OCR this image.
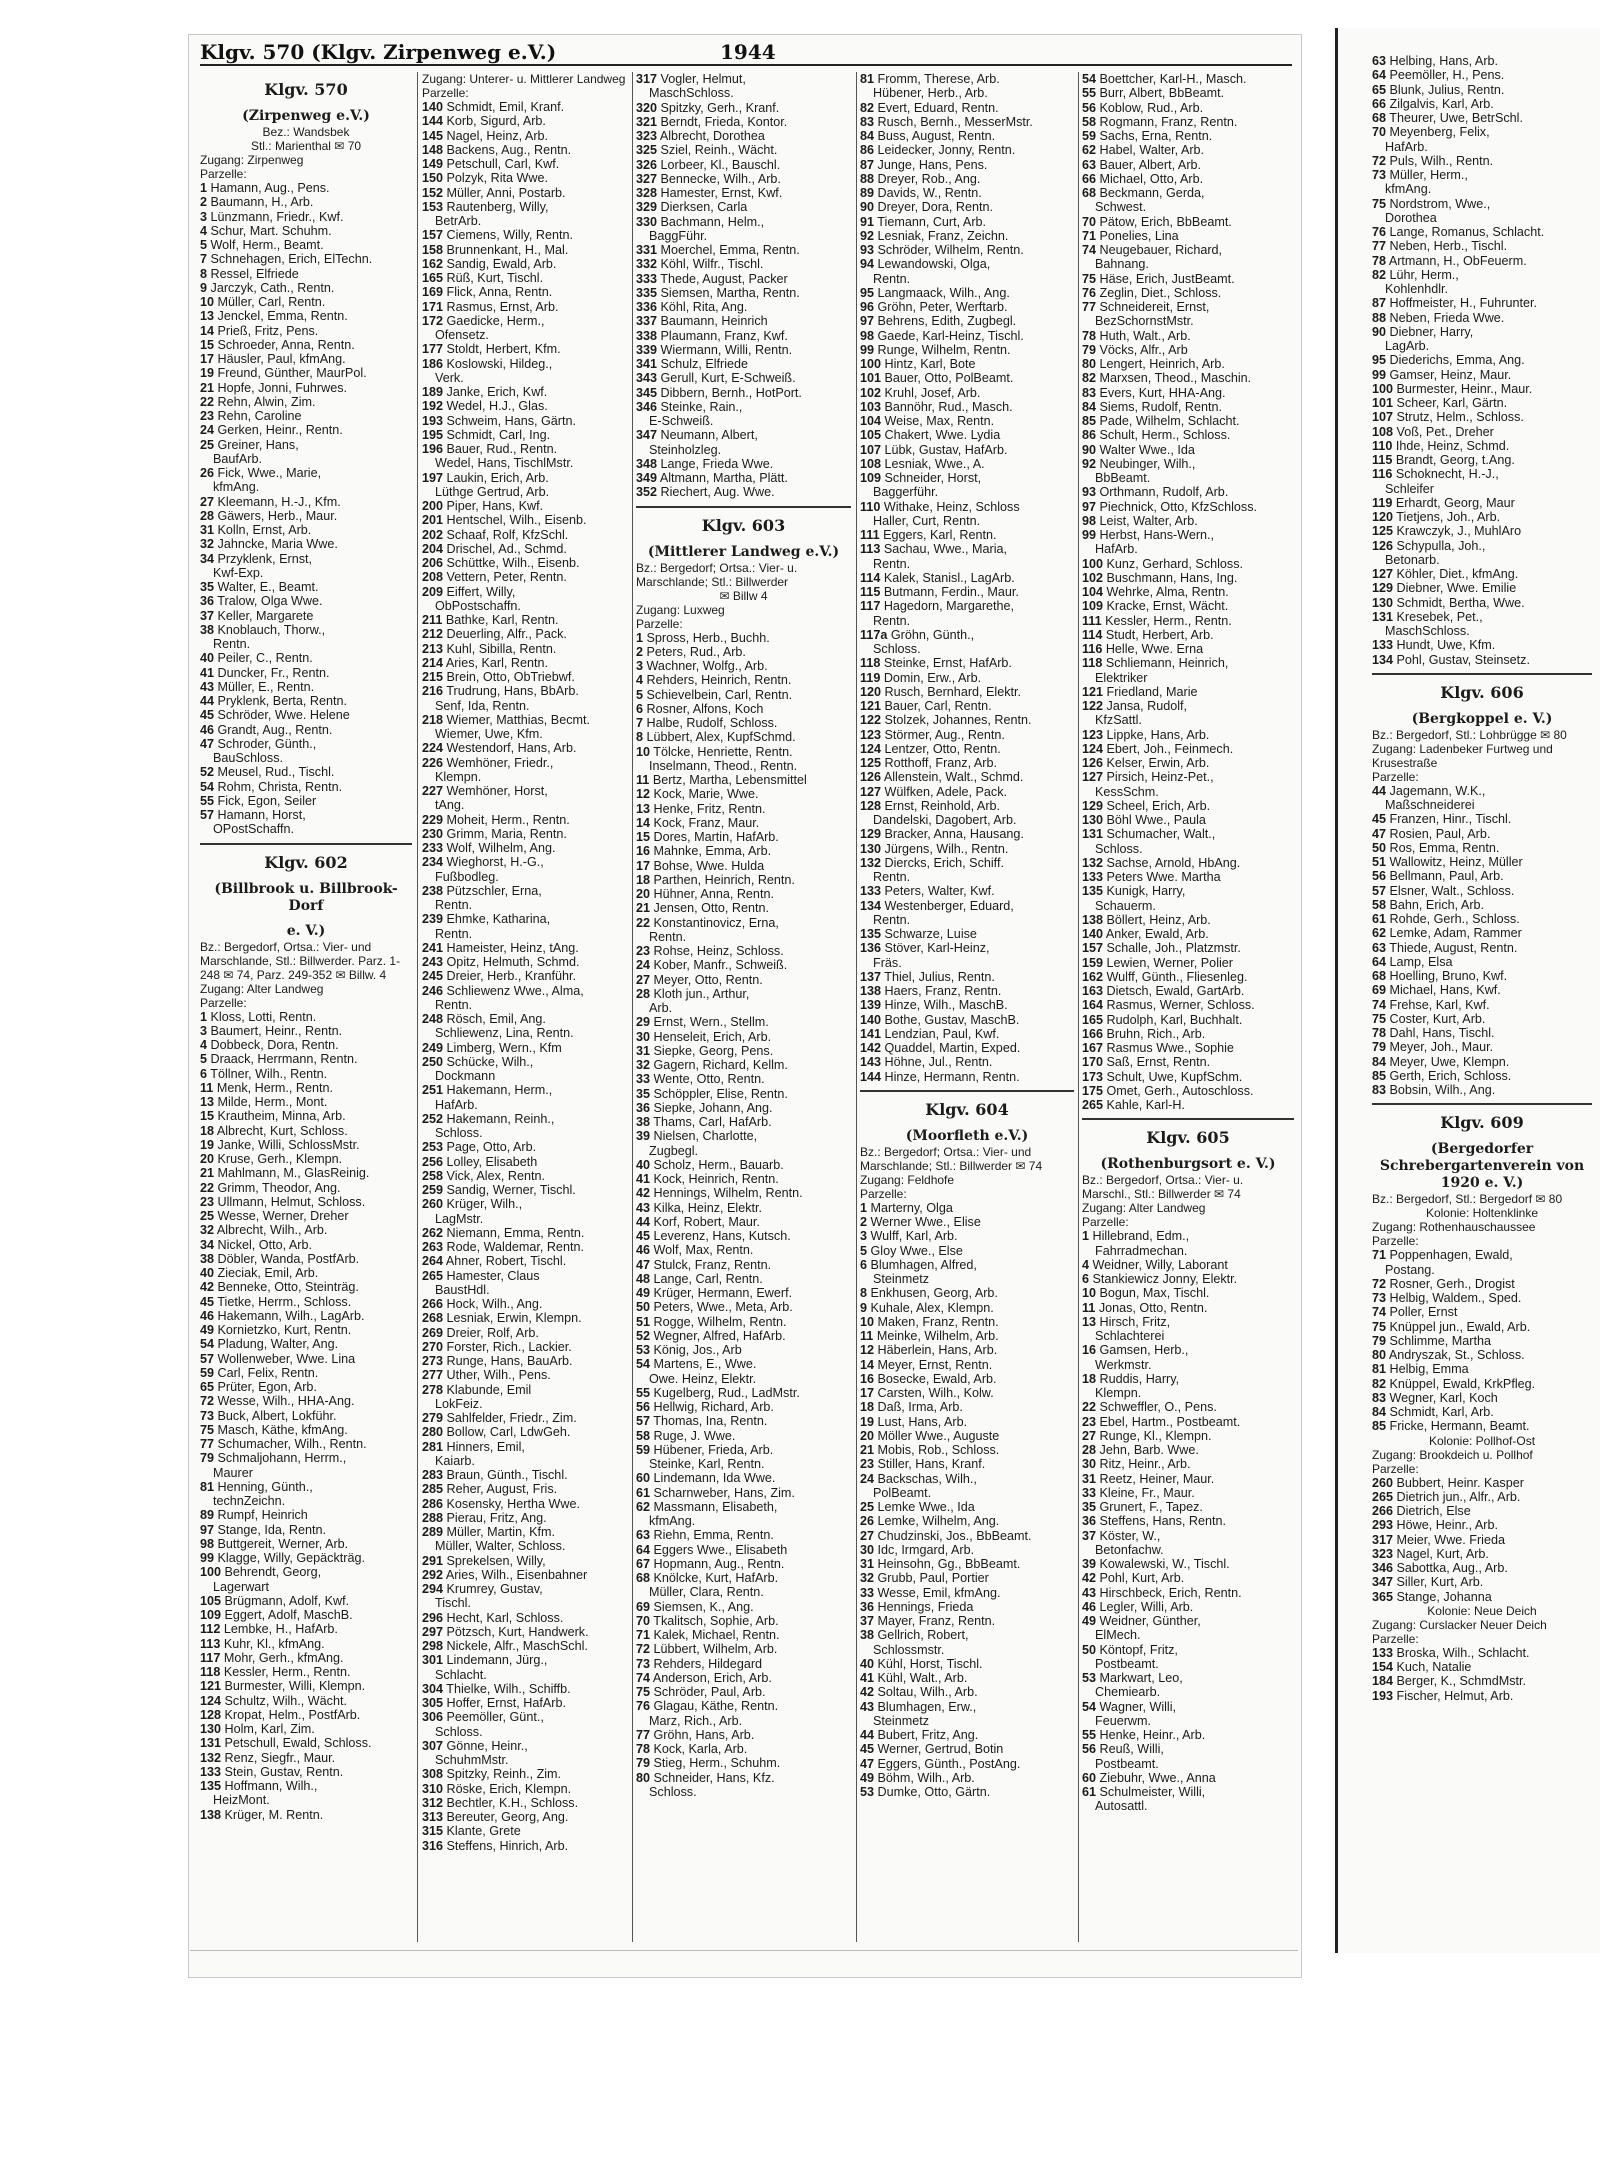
Klgv. 570 (Klgv. Zirpenweg e.V.)	1944
Klgv. 570
(Zirpenweg e.V.)
Bez.: Wandsbek
Stl.: Marienthal ✉ 70
Zugang: Zirpenweg
Parzelle:
1 Hamann, Aug., Pens.
2 Baumann, H., Arb.
3 Lünzmann, Friedr., Kwf.
4 Schur, Mart. Schuhm.
5 Wolf, Herm., Beamt.
7 Schnehagen, Erich, ElTechn.
8 Ressel, Elfriede
9 Jarczyk, Cath., Rentn.
10 Müller, Carl, Rentn.
13 Jenckel, Emma, Rentn.
14 Prieß, Fritz, Pens.
15 Schroeder, Anna, Rentn.
17 Häusler, Paul, kfmAng.
19 Freund, Günther, MaurPol.
21 Hopfe, Jonni, Fuhrwes.
22 Rehn, Alwin, Zim.
23 Rehn, Caroline
24 Gerken, Heinr., Rentn.
25 Greiner, Hans,
BaufArb.
26 Fick, Wwe., Marie,
kfmAng.
27 Kleemann, H.-J., Kfm.
28 Gäwers, Herb., Maur.
31 Kolln, Ernst, Arb.
32 Jahncke, Maria Wwe.
34 Przyklenk, Ernst,
Kwf-Exp.
35 Walter, E., Beamt.
36 Tralow, Olga Wwe.
37 Keller, Margarete
38 Knoblauch, Thorw.,
Rentn.
40 Peiler, C., Rentn.
41 Duncker, Fr., Rentn.
43 Müller, E., Rentn.
44 Pryklenk, Berta, Rentn.
45 Schröder, Wwe. Helene
46 Grandt, Aug., Rentn.
47 Schroder, Günth.,
BauSchloss.
52 Meusel, Rud., Tischl.
54 Rohm, Christa, Rentn.
55 Fick, Egon, Seiler
57 Hamann, Horst,
OPostSchaffn.
Klgv. 602
(Billbrook u. Billbrook-Dorf
e. V.)
Bz.: Bergedorf, Ortsa.: Vier- und Marschlande, Stl.: Billwerder. Parz. 1-248 ✉ 74, Parz. 249-352 ✉ Billw. 4
Zugang: Alter Landweg
Parzelle:
1 Kloss, Lotti, Rentn.
3 Baumert, Heinr., Rentn.
4 Dobbeck, Dora, Rentn.
5 Draack, Herrmann, Rentn.
6 Töllner, Wilh., Rentn.
11 Menk, Herm., Rentn.
13 Milde, Herm., Mont.
15 Krautheim, Minna, Arb.
18 Albrecht, Kurt, Schloss.
19 Janke, Willi, SchlossMstr.
20 Kruse, Gerh., Klempn.
21 Mahlmann, M., GlasReinig.
22 Grimm, Theodor, Ang.
23 Ullmann, Helmut, Schloss.
25 Wesse, Werner, Dreher
32 Albrecht, Wilh., Arb.
34 Nickel, Otto, Arb.
38 Döbler, Wanda, PostfArb.
40 Zieciak, Emil, Arb.
42 Benneke, Otto, Steinträg.
45 Tietke, Herrm., Schloss.
46 Hakemann, Wilh., LagArb.
49 Kornietzko, Kurt, Rentn.
54 Pladung, Walter, Ang.
57 Wollenweber, Wwe. Lina
59 Carl, Felix, Rentn.
65 Prüter, Egon, Arb.
72 Wesse, Wilh., HHA-Ang.
73 Buck, Albert, Lokführ.
75 Masch, Käthe, kfmAng.
77 Schumacher, Wilh., Rentn.
79 Schmaljohann, Herrm.,
Maurer
81 Henning, Günth.,
technZeichn.
89 Rumpf, Heinrich
97 Stange, Ida, Rentn.
98 Buttgereit, Werner, Arb.
99 Klagge, Willy, Gepäckträg.
100 Behrendt, Georg,
Lagerwart
105 Brügmann, Adolf, Kwf.
109 Eggert, Adolf, MaschB.
112 Lembke, H., HafArb.
113 Kuhr, Kl., kfmAng.
117 Mohr, Gerh., kfmAng.
118 Kessler, Herm., Rentn.
121 Burmester, Willi, Klempn.
124 Schultz, Wilh., Wächt.
128 Kropat, Helm., PostfArb.
130 Holm, Karl, Zim.
131 Petschull, Ewald, Schloss.
132 Renz, Siegfr., Maur.
133 Stein, Gustav, Rentn.
135 Hoffmann, Wilh.,
HeizMont.
138 Krüger, M. Rentn.
Zugang: Unterer- u. Mittlerer Landweg
Parzelle:
140 Schmidt, Emil, Kranf.
144 Korb, Sigurd, Arb.
145 Nagel, Heinz, Arb.
148 Backens, Aug., Rentn.
149 Petschull, Carl, Kwf.
150 Polzyk, Rita Wwe.
152 Müller, Anni, Postarb.
153 Rautenberg, Willy,
BetrArb.
157 Ciemens, Willy, Rentn.
158 Brunnenkant, H., Mal.
162 Sandig, Ewald, Arb.
165 Rüß, Kurt, Tischl.
169 Flick, Anna, Rentn.
171 Rasmus, Ernst, Arb.
172 Gaedicke, Herm.,
Ofensetz.
177 Stoldt, Herbert, Kfm.
186 Koslowski, Hildeg.,
Verk.
189 Janke, Erich, Kwf.
192 Wedel, H.J., Glas.
193 Schweim, Hans, Gärtn.
195 Schmidt, Carl, Ing.
196 Bauer, Rud., Rentn.
Wedel, Hans, TischlMstr.
197 Laukin, Erich, Arb.
Lüthge Gertrud, Arb.
200 Piper, Hans, Kwf.
201 Hentschel, Wilh., Eisenb.
202 Schaaf, Rolf, KfzSchl.
204 Drischel, Ad., Schmd.
206 Schüttke, Wilh., Eisenb.
208 Vettern, Peter, Rentn.
209 Eiffert, Willy,
ObPostschaffn.
211 Bathke, Karl, Rentn.
212 Deuerling, Alfr., Pack.
213 Kuhl, Sibilla, Rentn.
214 Aries, Karl, Rentn.
215 Brein, Otto, ObTriebwf.
216 Trudrung, Hans, BbArb.
Senf, Ida, Rentn.
218 Wiemer, Matthias, Becmt.
Wiemer, Uwe, Kfm.
224 Westendorf, Hans, Arb.
226 Wemhöner, Friedr.,
Klempn.
227 Wemhöner, Horst,
tAng.
229 Moheit, Herm., Rentn.
230 Grimm, Maria, Rentn.
233 Wolf, Wilhelm, Ang.
234 Wieghorst, H.-G.,
Fußbodleg.
238 Pützschler, Erna,
Rentn.
239 Ehmke, Katharina,
Rentn.
241 Hameister, Heinz, tAng.
243 Opitz, Helmuth, Schmd.
245 Dreier, Herb., Kranführ.
246 Schliewenz Wwe., Alma,
Rentn.
248 Rösch, Emil, Ang.
Schliewenz, Lina, Rentn.
249 Limberg, Wern., Kfm
250 Schücke, Wilh.,
Dockmann
251 Hakemann, Herm.,
HafArb.
252 Hakemann, Reinh.,
Schloss.
253 Page, Otto, Arb.
256 Lolley, Elisabeth
258 Vick, Alex, Rentn.
259 Sandig, Werner, Tischl.
260 Krüger, Wilh.,
LagMstr.
262 Niemann, Emma, Rentn.
263 Rode, Waldemar, Rentn.
264 Ahner, Robert, Tischl.
265 Hamester, Claus
BaustHdl.
266 Hock, Wilh., Ang.
268 Lesniak, Erwin, Klempn.
269 Dreier, Rolf, Arb.
270 Forster, Rich., Lackier.
273 Runge, Hans, BauArb.
277 Uther, Wilh., Pens.
278 Klabunde, Emil
LokFeiz.
279 Sahlfelder, Friedr., Zim.
280 Bollow, Carl, LdwGeh.
281 Hinners, Emil,
Kaiarb.
283 Braun, Günth., Tischl.
285 Reher, August, Fris.
286 Kosensky, Hertha Wwe.
288 Pierau, Fritz, Ang.
289 Müller, Martin, Kfm.
Müller, Walter, Schloss.
291 Sprekelsen, Willy,
292 Aries, Wilh., Eisenbahner
294 Krumrey, Gustav,
Tischl.
296 Hecht, Karl, Schloss.
297 Pötzsch, Kurt, Handwerk.
298 Nickele, Alfr., MaschSchl.
301 Lindemann, Jürg.,
Schlacht.
304 Thielke, Wilh., Schiffb.
305 Hoffer, Ernst, HafArb.
306 Peemöller, Günt.,
Schloss.
307 Gönne, Heinr.,
SchuhmMstr.
308 Spitzky, Reinh., Zim.
310 Röske, Erich, Klempn.
312 Bechtler, K.H., Schloss.
313 Bereuter, Georg, Ang.
315 Klante, Grete
316 Steffens, Hinrich, Arb.
317 Vogler, Helmut,
MaschSchloss.
320 Spitzky, Gerh., Kranf.
321 Berndt, Frieda, Kontor.
323 Albrecht, Dorothea
325 Sziel, Reinh., Wächt.
326 Lorbeer, Kl., Bauschl.
327 Bennecke, Wilh., Arb.
328 Hamester, Ernst, Kwf.
329 Dierksen, Carla
330 Bachmann, Helm.,
BaggFühr.
331 Moerchel, Emma, Rentn.
332 Köhl, Wilfr., Tischl.
333 Thede, August, Packer
335 Siemsen, Martha, Rentn.
336 Köhl, Rita, Ang.
337 Baumann, Heinrich
338 Plaumann, Franz, Kwf.
339 Wiermann, Willi, Rentn.
341 Schulz, Elfriede
343 Gerull, Kurt, E-Schweiß.
345 Dibbern, Bernh., HotPort.
346 Steinke, Rain.,
E-Schweiß.
347 Neumann, Albert,
Steinholzleg.
348 Lange, Frieda Wwe.
349 Altmann, Martha, Plätt.
352 Riechert, Aug. Wwe.
Klgv. 603
(Mittlerer Landweg e.V.)
Bz.: Bergedorf; Ortsa.: Vier- u. Marschlande; Stl.: Billwerder
✉ Billw 4
Zugang: Luxweg
Parzelle:
1 Spross, Herb., Buchh.
2 Peters, Rud., Arb.
3 Wachner, Wolfg., Arb.
4 Rehders, Heinrich, Rentn.
5 Schievelbein, Carl, Rentn.
6 Rosner, Alfons, Koch
7 Halbe, Rudolf, Schloss.
8 Lübbert, Alex, KupfSchmd.
10 Tölcke, Henriette, Rentn.
Inselmann, Theod., Rentn.
11 Bertz, Martha, Lebensmittel
12 Kock, Marie, Wwe.
13 Henke, Fritz, Rentn.
14 Kock, Franz, Maur.
15 Dores, Martin, HafArb.
16 Mahnke, Emma, Arb.
17 Bohse, Wwe. Hulda
18 Parthen, Heinrich, Rentn.
20 Hühner, Anna, Rentn.
21 Jensen, Otto, Rentn.
22 Konstantinovicz, Erna,
Rentn.
23 Rohse, Heinz, Schloss.
24 Kober, Manfr., Schweiß.
27 Meyer, Otto, Rentn.
28 Kloth jun., Arthur,
Arb.
29 Ernst, Wern., Stellm.
30 Henseleit, Erich, Arb.
31 Siepke, Georg, Pens.
32 Gagern, Richard, Kellm.
33 Wente, Otto, Rentn.
35 Schöppler, Elise, Rentn.
36 Siepke, Johann, Ang.
38 Thams, Carl, HafArb.
39 Nielsen, Charlotte,
Zugbegl.
40 Scholz, Herm., Bauarb.
41 Kock, Heinrich, Rentn.
42 Hennings, Wilhelm, Rentn.
43 Kilka, Heinz, Elektr.
44 Korf, Robert, Maur.
45 Leverenz, Hans, Kutsch.
46 Wolf, Max, Rentn.
47 Stulck, Franz, Rentn.
48 Lange, Carl, Rentn.
49 Krüger, Hermann, Ewerf.
50 Peters, Wwe., Meta, Arb.
51 Rogge, Wilhelm, Rentn.
52 Wegner, Alfred, HafArb.
53 König, Jos., Arb
54 Martens, E., Wwe.
Owe. Heinz, Elektr.
55 Kugelberg, Rud., LadMstr.
56 Hellwig, Richard, Arb.
57 Thomas, Ina, Rentn.
58 Ruge, J. Wwe.
59 Hübener, Frieda, Arb.
Steinke, Karl, Rentn.
60 Lindemann, Ida Wwe.
61 Scharnweber, Hans, Zim.
62 Massmann, Elisabeth,
kfmAng.
63 Riehn, Emma, Rentn.
64 Eggers Wwe., Elisabeth
67 Hopmann, Aug., Rentn.
68 Knölcke, Kurt, HafArb.
Müller, Clara, Rentn.
69 Siemsen, K., Ang.
70 Tkalitsch, Sophie, Arb.
71 Kalek, Michael, Rentn.
72 Lübbert, Wilhelm, Arb.
73 Rehders, Hildegard
74 Anderson, Erich, Arb.
75 Schröder, Paul, Arb.
76 Glagau, Käthe, Rentn.
Marz, Rich., Arb.
77 Gröhn, Hans, Arb.
78 Kock, Karla, Arb.
79 Stieg, Herm., Schuhm.
80 Schneider, Hans, Kfz.
Schloss.
81 Fromm, Therese, Arb.
Hübener, Herb., Arb.
82 Evert, Eduard, Rentn.
83 Rusch, Bernh., MesserMstr.
84 Buss, August, Rentn.
86 Leidecker, Jonny, Rentn.
87 Junge, Hans, Pens.
88 Dreyer, Rob., Ang.
89 Davids, W., Rentn.
90 Dreyer, Dora, Rentn.
91 Tiemann, Curt, Arb.
92 Lesniak, Franz, Zeichn.
93 Schröder, Wilhelm, Rentn.
94 Lewandowski, Olga,
Rentn.
95 Langmaack, Wilh., Ang.
96 Gröhn, Peter, Werftarb.
97 Behrens, Edith, Zugbegl.
98 Gaede, Karl-Heinz, Tischl.
99 Runge, Wilhelm, Rentn.
100 Hintz, Karl, Bote
101 Bauer, Otto, PolBeamt.
102 Kruhl, Josef, Arb.
103 Bannöhr, Rud., Masch.
104 Weise, Max, Rentn.
105 Chakert, Wwe. Lydia
107 Lübk, Gustav, HafArb.
108 Lesniak, Wwe., A.
109 Schneider, Horst,
Baggerführ.
110 Withake, Heinz, Schloss
Haller, Curt, Rentn.
111 Eggers, Karl, Rentn.
113 Sachau, Wwe., Maria,
Rentn.
114 Kalek, Stanisl., LagArb.
115 Butmann, Ferdin., Maur.
117 Hagedorn, Margarethe,
Rentn.
117a Gröhn, Günth.,
Schloss.
118 Steinke, Ernst, HafArb.
119 Domin, Erw., Arb.
120 Rusch, Bernhard, Elektr.
121 Bauer, Carl, Rentn.
122 Stolzek, Johannes, Rentn.
123 Störmer, Aug., Rentn.
124 Lentzer, Otto, Rentn.
125 Rotthoff, Franz, Arb.
126 Allenstein, Walt., Schmd.
127 Wülfken, Adele, Pack.
128 Ernst, Reinhold, Arb.
Dandelski, Dagobert, Arb.
129 Bracker, Anna, Hausang.
130 Jürgens, Wilh., Rentn.
132 Diercks, Erich, Schiff.
Rentn.
133 Peters, Walter, Kwf.
134 Westenberger, Eduard,
Rentn.
135 Schwarze, Luise
136 Stöver, Karl-Heinz,
Fräs.
137 Thiel, Julius, Rentn.
138 Haers, Franz, Rentn.
139 Hinze, Wilh., MaschB.
140 Bothe, Gustav, MaschB.
141 Lendzian, Paul, Kwf.
142 Quaddel, Martin, Exped.
143 Höhne, Jul., Rentn.
144 Hinze, Hermann, Rentn.
Klgv. 604
(Moorfleth e.V.)
Bz.: Bergedorf; Ortsa.: Vier- und Marschlande; Stl.: Billwerder ✉ 74
Zugang: Feldhofe
Parzelle:
1 Marterny, Olga
2 Werner Wwe., Elise
3 Wulff, Karl, Arb.
5 Gloy Wwe., Else
6 Blumhagen, Alfred,
Steinmetz
8 Enkhusen, Georg, Arb.
9 Kuhale, Alex, Klempn.
10 Maken, Franz, Rentn.
11 Meinke, Wilhelm, Arb.
12 Häberlein, Hans, Arb.
14 Meyer, Ernst, Rentn.
16 Bosecke, Ewald, Arb.
17 Carsten, Wilh., Kolw.
18 Daß, Irma, Arb.
19 Lust, Hans, Arb.
20 Möller Wwe., Auguste
21 Mobis, Rob., Schloss.
23 Stiller, Hans, Kranf.
24 Backschas, Wilh.,
PolBeamt.
25 Lemke Wwe., Ida
26 Lemke, Wilhelm, Ang.
27 Chudzinski, Jos., BbBeamt.
30 Idc, Irmgard, Arb.
31 Heinsohn, Gg., BbBeamt.
32 Grubb, Paul, Portier
33 Wesse, Emil, kfmAng.
36 Hennings, Frieda
37 Mayer, Franz, Rentn.
38 Gellrich, Robert,
Schlossmstr.
40 Kühl, Horst, Tischl.
41 Kühl, Walt., Arb.
42 Soltau, Wilh., Arb.
43 Blumhagen, Erw.,
Steinmetz
44 Bubert, Fritz, Ang.
45 Werner, Gertrud, Botin
47 Eggers, Günth., PostAng.
49 Böhm, Wilh., Arb.
53 Dumke, Otto, Gärtn.
54 Boettcher, Karl-H., Masch.
55 Burr, Albert, BbBeamt.
56 Koblow, Rud., Arb.
58 Rogmann, Franz, Rentn.
59 Sachs, Erna, Rentn.
62 Habel, Walter, Arb.
63 Bauer, Albert, Arb.
66 Michael, Otto, Arb.
68 Beckmann, Gerda,
Schwest.
70 Pätow, Erich, BbBeamt.
71 Ponelies, Lina
74 Neugebauer, Richard,
Bahnang.
75 Häse, Erich, JustBeamt.
76 Zeglin, Diet., Schloss.
77 Schneidereit, Ernst,
BezSchornstMstr.
78 Huth, Walt., Arb.
79 Vöcks, Alfr., Arb
80 Lengert, Heinrich, Arb.
82 Marxsen, Theod., Maschin.
83 Evers, Kurt, HHA-Ang.
84 Siems, Rudolf, Rentn.
85 Pade, Wilhelm, Schlacht.
86 Schult, Herm., Schloss.
90 Walter Wwe., Ida
92 Neubinger, Wilh.,
BbBeamt.
93 Orthmann, Rudolf, Arb.
97 Piechnick, Otto, KfzSchloss.
98 Leist, Walter, Arb.
99 Herbst, Hans-Wern.,
HafArb.
100 Kunz, Gerhard, Schloss.
102 Buschmann, Hans, Ing.
104 Wehrke, Alma, Rentn.
109 Kracke, Ernst, Wächt.
111 Kessler, Herm., Rentn.
114 Studt, Herbert, Arb.
116 Helle, Wwe. Erna
118 Schliemann, Heinrich,
Elektriker
121 Friedland, Marie
122 Jansa, Rudolf,
KfzSattl.
123 Lippke, Hans, Arb.
124 Ebert, Joh., Feinmech.
126 Kelser, Erwin, Arb.
127 Pirsich, Heinz-Pet.,
KessSchm.
129 Scheel, Erich, Arb.
130 Böhl Wwe., Paula
131 Schumacher, Walt.,
Schloss.
132 Sachse, Arnold, HbAng.
133 Peters Wwe. Martha
135 Kunigk, Harry,
Schauerm.
138 Böllert, Heinz, Arb.
140 Anker, Ewald, Arb.
157 Schalle, Joh., Platzmstr.
159 Lewien, Werner, Polier
162 Wulff, Günth., Fliesenleg.
163 Dietsch, Ewald, GartArb.
164 Rasmus, Werner, Schloss.
165 Rudolph, Karl, Buchhalt.
166 Bruhn, Rich., Arb.
167 Rasmus Wwe., Sophie
170 Saß, Ernst, Rentn.
173 Schult, Uwe, KupfSchm.
175 Omet, Gerh., Autoschloss.
265 Kahle, Karl-H.
Klgv. 605
(Rothenburgsort e. V.)
Bz.: Bergedorf, Ortsa.: Vier- u. Marschl., Stl.: Billwerder ✉ 74
Zugang: Alter Landweg
Parzelle:
1 Hillebrand, Edm.,
Fahrradmechan.
4 Weidner, Willy, Laborant
6 Stankiewicz Jonny, Elektr.
10 Bogun, Max, Tischl.
11 Jonas, Otto, Rentn.
13 Hirsch, Fritz,
Schlachterei
16 Gamsen, Herb.,
Werkmstr.
18 Ruddis, Harry,
Klempn.
22 Schweffler, O., Pens.
23 Ebel, Hartm., Postbeamt.
27 Runge, Kl., Klempn.
28 Jehn, Barb. Wwe.
30 Ritz, Heinr., Arb.
31 Reetz, Heiner, Maur.
33 Kleine, Fr., Maur.
35 Grunert, F., Tapez.
36 Steffens, Hans, Rentn.
37 Köster, W.,
Betonfachw.
39 Kowalewski, W., Tischl.
42 Pohl, Kurt, Arb.
43 Hirschbeck, Erich, Rentn.
46 Legler, Willi, Arb.
49 Weidner, Günther,
ElMech.
50 Köntopf, Fritz,
Postbeamt.
53 Markwart, Leo,
Chemiearb.
54 Wagner, Willi,
Feuerwm.
55 Henke, Heinr., Arb.
56 Reuß, Willi,
Postbeamt.
60 Ziebuhr, Wwe., Anna
61 Schulmeister, Willi,
Autosattl.
63 Helbing, Hans, Arb.
64 Peemöller, H., Pens.
65 Blunk, Julius, Rentn.
66 Zilgalvis, Karl, Arb.
68 Theurer, Uwe, BetrSchl.
70 Meyenberg, Felix,
HafArb.
72 Puls, Wilh., Rentn.
73 Müller, Herm.,
kfmAng.
75 Nordstrom, Wwe.,
Dorothea
76 Lange, Romanus, Schlacht.
77 Neben, Herb., Tischl.
78 Artmann, H., ObFeuerm.
82 Lühr, Herm.,
Kohlenhdlr.
87 Hoffmeister, H., Fuhrunter.
88 Neben, Frieda Wwe.
90 Diebner, Harry,
LagArb.
95 Diederichs, Emma, Ang.
99 Gamser, Heinz, Maur.
100 Burmester, Heinr., Maur.
101 Scheer, Karl, Gärtn.
107 Strutz, Helm., Schloss.
108 Voß, Pet., Dreher
110 Ihde, Heinz, Schmd.
115 Brandt, Georg, t.Ang.
116 Schoknecht, H.-J.,
Schleifer
119 Erhardt, Georg, Maur
120 Tietjens, Joh., Arb.
125 Krawczyk, J., MuhlAro
126 Schypulla, Joh.,
Betonarb.
127 Köhler, Diet., kfmAng.
129 Diebner, Wwe. Emilie
130 Schmidt, Bertha, Wwe.
131 Kresebek, Pet.,
MaschSchloss.
133 Hundt, Uwe, Kfm.
134 Pohl, Gustav, Steinsetz.
Klgv. 606
(Bergkoppel e. V.)
Bz.: Bergedorf, Stl.: Lohbrügge ✉ 80
Zugang: Ladenbeker Furtweg und Krusestraße
Parzelle:
44 Jagemann, W.K.,
Maßschneiderei
45 Franzen, Hinr., Tischl.
47 Rosien, Paul, Arb.
50 Ros, Emma, Rentn.
51 Wallowitz, Heinz, Müller
56 Bellmann, Paul, Arb.
57 Elsner, Walt., Schloss.
58 Bahn, Erich, Arb.
61 Rohde, Gerh., Schloss.
62 Lemke, Adam, Rammer
63 Thiede, August, Rentn.
64 Lamp, Elsa
68 Hoelling, Bruno, Kwf.
69 Michael, Hans, Kwf.
74 Frehse, Karl, Kwf.
75 Coster, Kurt, Arb.
78 Dahl, Hans, Tischl.
79 Meyer, Joh., Maur.
84 Meyer, Uwe, Klempn.
85 Gerth, Erich, Schloss.
83 Bobsin, Wilh., Ang.
Klgv. 609
(Bergedorfer Schrebergartenverein von 1920 e. V.)
Bz.: Bergedorf, Stl.: Bergedorf ✉ 80
Kolonie: Holtenklinke
Zugang: Rothenhauschaussee
Parzelle:
71 Poppenhagen, Ewald,
Postang.
72 Rosner, Gerh., Drogist
73 Helbig, Waldem., Sped.
74 Poller, Ernst
75 Knüppel jun., Ewald, Arb.
79 Schlimme, Martha
80 Andryszak, St., Schloss.
81 Helbig, Emma
82 Knüppel, Ewald, KrkPfleg.
83 Wegner, Karl, Koch
84 Schmidt, Karl, Arb.
85 Fricke, Hermann, Beamt.
Kolonie: Pollhof-Ost
Zugang: Brookdeich u. Pollhof
Parzelle:
260 Bubbert, Heinr. Kasper
265 Dietrich jun., Alfr., Arb.
266 Dietrich, Else
293 Höwe, Heinr., Arb.
317 Meier, Wwe. Frieda
323 Nagel, Kurt, Arb.
346 Sabottka, Aug., Arb.
347 Siller, Kurt, Arb.
365 Stange, Johanna
Kolonie: Neue Deich
Zugang: Curslacker Neuer Deich
Parzelle:
133 Broska, Wilh., Schlacht.
154 Kuch, Natalie
184 Berger, K., SchmdMstr.
193 Fischer, Helmut, Arb.
